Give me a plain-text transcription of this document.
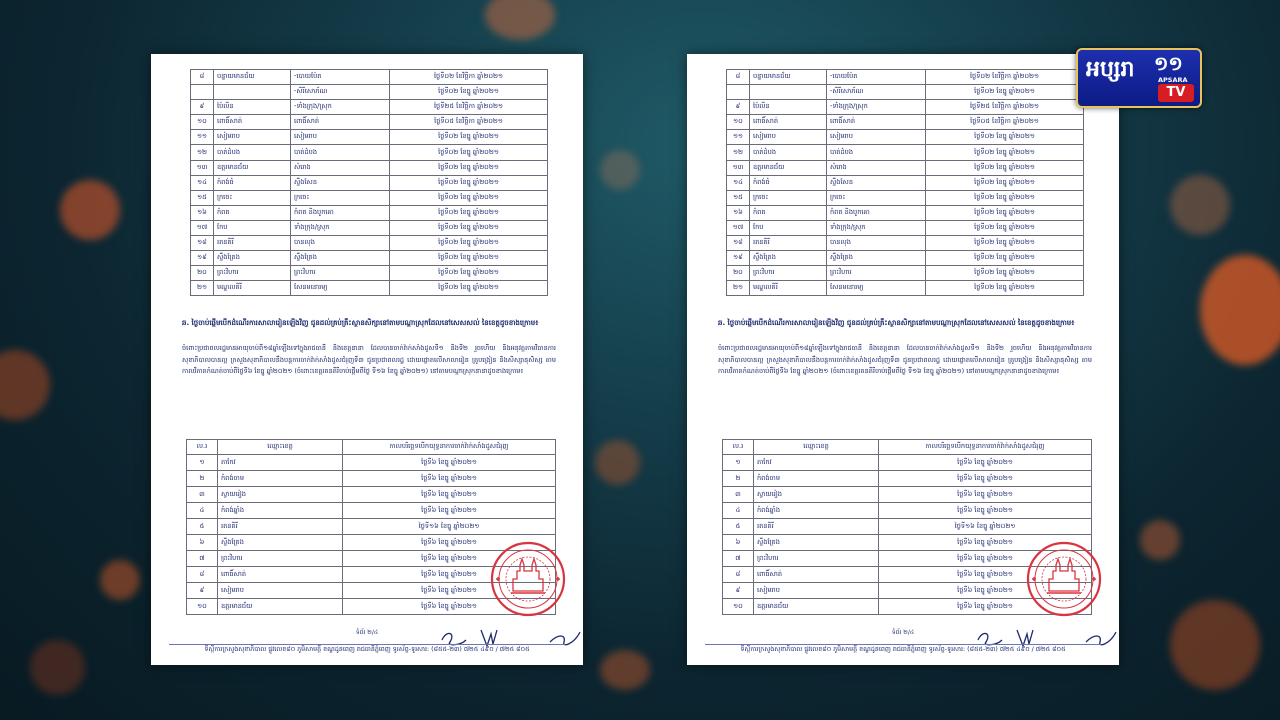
៨	បន្ទាយមានជ័យ	-បោយប៉ែត	ថ្ងៃទី០២ ខែវិច្ឆិកា ឆ្នាំ២០២១
		-សិរីសោភ័ណ	ថ្ងៃទី០២ ខែធ្នូ ឆ្នាំ២០២១
៩	ប៉ៃលិន	-ទាំងក្រុង/ស្រុក	ថ្ងៃទី២៥ ខែវិច្ឆិកា ឆ្នាំ២០២១
១០	ពោធិ៍សាត់	ពោធិ៍សាត់	ថ្ងៃទី០៥ ខែវិច្ឆិកា ឆ្នាំ២០២១
១១	សៀមរាប	សៀមរាប	ថ្ងៃទី០២ ខែធ្នូ ឆ្នាំ២០២១
១២	បាត់ដំបង	បាត់ដំបង	ថ្ងៃទី០២ ខែធ្នូ ឆ្នាំ២០២១
១៣	ឧត្តរមានជ័យ	សំរោង	ថ្ងៃទី០២ ខែធ្នូ ឆ្នាំ២០២១
១៤	កំពង់ធំ	ស្ទឹងសែន	ថ្ងៃទី០២ ខែធ្នូ ឆ្នាំ២០២១
១៥	ក្រចេះ	ក្រចេះ	ថ្ងៃទី០២ ខែធ្នូ ឆ្នាំ២០២១
១៦	កំពត	កំពត និងបូកគោ	ថ្ងៃទី០២ ខែធ្នូ ឆ្នាំ២០២១
១៧	កែប	ទាំងក្រុង/ស្រុក	ថ្ងៃទី០២ ខែធ្នូ ឆ្នាំ២០២១
១៨	រតនគិរី	បានលុង	ថ្ងៃទី០២ ខែធ្នូ ឆ្នាំ២០២១
១៩	ស្ទឹងត្រែង	ស្ទឹងត្រែង	ថ្ងៃទី០២ ខែធ្នូ ឆ្នាំ២០២១
២០	ព្រះវិហារ	ព្រះវិហារ	ថ្ងៃទី០២ ខែធ្នូ ឆ្នាំ២០២១
២១	មណ្ឌលគិរី	សែនមនោរម្យ	ថ្ងៃទី០២ ខែធ្នូ ឆ្នាំ២០២១
ឆ. ថ្ងៃចាប់ផ្តើមបើកដំណើរការសាលារៀនឡើងវិញ ជូនដល់គ្រប់គ្រឹះស្ថានសិក្សានៅតាមបណ្តាស្រុកដែលនៅសេសសល់ នៃខេត្តដូចខាងក្រោម៖
ចំពោះប្រជាពលរដ្ឋមានអាយុចាប់ពី១៨ឆ្នាំឡើងទៅក្នុងរាជធានី និងខេត្តនានា ដែលបានចាក់វ៉ាក់សាំងដូសទី១ និងទី២ រួចហើយ និងអនុវត្តតាមវិធានការសុខាភិបាលបានល្អ ក្រសួងសុខាភិបាលនឹងបន្តការចាក់វ៉ាក់សាំងដូសជំរុញទី៣ ជូនប្រជាពលរដ្ឋ ដោយផ្តោតលើសាលារៀន គ្រូបង្រៀន និងសិស្សានុសិស្ស តាមកាលវិភាគកំណត់ចាប់ពីថ្ងៃទី៦ ខែធ្នូ ឆ្នាំ២០២១ (ចំពោះខេត្តរតនគិរីចាប់ផ្តើមពីថ្ងៃ ទី១៦ ខែធ្នូ ឆ្នាំ២០២១) នៅតាមបណ្តាស្រុកនានាដូចខាងក្រោម៖
ល.រ	ឈ្មោះខេត្ត	កាលបរិច្ឆេទបើកយុទ្ធនាការចាក់វ៉ាក់សាំងដូសជំរុញ
១	តាកែវ	ថ្ងៃទី៦ ខែធ្នូ ឆ្នាំ២០២១
២	កំពង់ចាម	ថ្ងៃទី៦ ខែធ្នូ ឆ្នាំ២០២១
៣	ស្វាយរៀង	ថ្ងៃទី៦ ខែធ្នូ ឆ្នាំ២០២១
៤	កំពង់ឆ្នាំង	ថ្ងៃទី៦ ខែធ្នូ ឆ្នាំ២០២១
៥	រតនគិរី	ថ្ងៃទី១៦ ខែធ្នូ ឆ្នាំ២០២១
៦	ស្ទឹងត្រែង	ថ្ងៃទី៦ ខែធ្នូ ឆ្នាំ២០២១
៧	ព្រះវិហារ	ថ្ងៃទី៦ ខែធ្នូ ឆ្នាំ២០២១
៨	ពោធិ៍សាត់	ថ្ងៃទី៦ ខែធ្នូ ឆ្នាំ២០២១
៩	សៀមរាប	ថ្ងៃទី៦ ខែធ្នូ ឆ្នាំ២០២១
១០	ឧត្តរមានជ័យ	ថ្ងៃទី៦ ខែធ្នូ ឆ្នាំ២០២១
ទំព័រ ២/៤
ទីស្តីការក្រសួងសុខាភិបាល ផ្លូវលេខ៨០ ភូមិសាមគ្គី ខណ្ឌដូនពេញ រាជធានីភ្នំពេញ ទូរស័ព្ទ-ទូរសារ: (៨៥៥-២៣) ៧២៥ ៤៩០ / ៧២៥ ៨០៥
៨	បន្ទាយមានជ័យ	-បោយប៉ែត	ថ្ងៃទី០២ ខែវិច្ឆិកា ឆ្នាំ២០២១
		-សិរីសោភ័ណ	ថ្ងៃទី០២ ខែធ្នូ ឆ្នាំ២០២១
៩	ប៉ៃលិន	-ទាំងក្រុង/ស្រុក	ថ្ងៃទី២៥ ខែវិច្ឆិកា ឆ្នាំ២០២១
១០	ពោធិ៍សាត់	ពោធិ៍សាត់	ថ្ងៃទី០៥ ខែវិច្ឆិកា ឆ្នាំ២០២១
១១	សៀមរាប	សៀមរាប	ថ្ងៃទី០២ ខែធ្នូ ឆ្នាំ២០២១
១២	បាត់ដំបង	បាត់ដំបង	ថ្ងៃទី០២ ខែធ្នូ ឆ្នាំ២០២១
១៣	ឧត្តរមានជ័យ	សំរោង	ថ្ងៃទី០២ ខែធ្នូ ឆ្នាំ២០២១
១៤	កំពង់ធំ	ស្ទឹងសែន	ថ្ងៃទី០២ ខែធ្នូ ឆ្នាំ២០២១
១៥	ក្រចេះ	ក្រចេះ	ថ្ងៃទី០២ ខែធ្នូ ឆ្នាំ២០២១
១៦	កំពត	កំពត និងបូកគោ	ថ្ងៃទី០២ ខែធ្នូ ឆ្នាំ២០២១
១៧	កែប	ទាំងក្រុង/ស្រុក	ថ្ងៃទី០២ ខែធ្នូ ឆ្នាំ២០២១
១៨	រតនគិរី	បានលុង	ថ្ងៃទី០២ ខែធ្នូ ឆ្នាំ២០២១
១៩	ស្ទឹងត្រែង	ស្ទឹងត្រែង	ថ្ងៃទី០២ ខែធ្នូ ឆ្នាំ២០២១
២០	ព្រះវិហារ	ព្រះវិហារ	ថ្ងៃទី០២ ខែធ្នូ ឆ្នាំ២០២១
២១	មណ្ឌលគិរី	សែនមនោរម្យ	ថ្ងៃទី០២ ខែធ្នូ ឆ្នាំ២០២១
ឆ. ថ្ងៃចាប់ផ្តើមបើកដំណើរការសាលារៀនឡើងវិញ ជូនដល់គ្រប់គ្រឹះស្ថានសិក្សានៅតាមបណ្តាស្រុកដែលនៅសេសសល់ នៃខេត្តដូចខាងក្រោម៖
ចំពោះប្រជាពលរដ្ឋមានអាយុចាប់ពី១៨ឆ្នាំឡើងទៅក្នុងរាជធានី និងខេត្តនានា ដែលបានចាក់វ៉ាក់សាំងដូសទី១ និងទី២ រួចហើយ និងអនុវត្តតាមវិធានការសុខាភិបាលបានល្អ ក្រសួងសុខាភិបាលនឹងបន្តការចាក់វ៉ាក់សាំងដូសជំរុញទី៣ ជូនប្រជាពលរដ្ឋ ដោយផ្តោតលើសាលារៀន គ្រូបង្រៀន និងសិស្សានុសិស្ស តាមកាលវិភាគកំណត់ចាប់ពីថ្ងៃទី៦ ខែធ្នូ ឆ្នាំ២០២១ (ចំពោះខេត្តរតនគិរីចាប់ផ្តើមពីថ្ងៃ ទី១៦ ខែធ្នូ ឆ្នាំ២០២១) នៅតាមបណ្តាស្រុកនានាដូចខាងក្រោម៖
ល.រ	ឈ្មោះខេត្ត	កាលបរិច្ឆេទបើកយុទ្ធនាការចាក់វ៉ាក់សាំងដូសជំរុញ
១	តាកែវ	ថ្ងៃទី៦ ខែធ្នូ ឆ្នាំ២០២១
២	កំពង់ចាម	ថ្ងៃទី៦ ខែធ្នូ ឆ្នាំ២០២១
៣	ស្វាយរៀង	ថ្ងៃទី៦ ខែធ្នូ ឆ្នាំ២០២១
៤	កំពង់ឆ្នាំង	ថ្ងៃទី៦ ខែធ្នូ ឆ្នាំ២០២១
៥	រតនគិរី	ថ្ងៃទី១៦ ខែធ្នូ ឆ្នាំ២០២១
៦	ស្ទឹងត្រែង	ថ្ងៃទី៦ ខែធ្នូ ឆ្នាំ២០២១
៧	ព្រះវិហារ	ថ្ងៃទី៦ ខែធ្នូ ឆ្នាំ២០២១
៨	ពោធិ៍សាត់	ថ្ងៃទី៦ ខែធ្នូ ឆ្នាំ២០២១
៩	សៀមរាប	ថ្ងៃទី៦ ខែធ្នូ ឆ្នាំ២០២១
១០	ឧត្តរមានជ័យ	ថ្ងៃទី៦ ខែធ្នូ ឆ្នាំ២០២១
ទំព័រ ២/៤
ទីស្តីការក្រសួងសុខាភិបាល ផ្លូវលេខ៨០ ភូមិសាមគ្គី ខណ្ឌដូនពេញ រាជធានីភ្នំពេញ ទូរស័ព្ទ-ទូរសារ: (៨៥៥-២៣) ៧២៥ ៤៩០ / ៧២៥ ៨០៥
អប្សរា ១១
APSARA
TV
